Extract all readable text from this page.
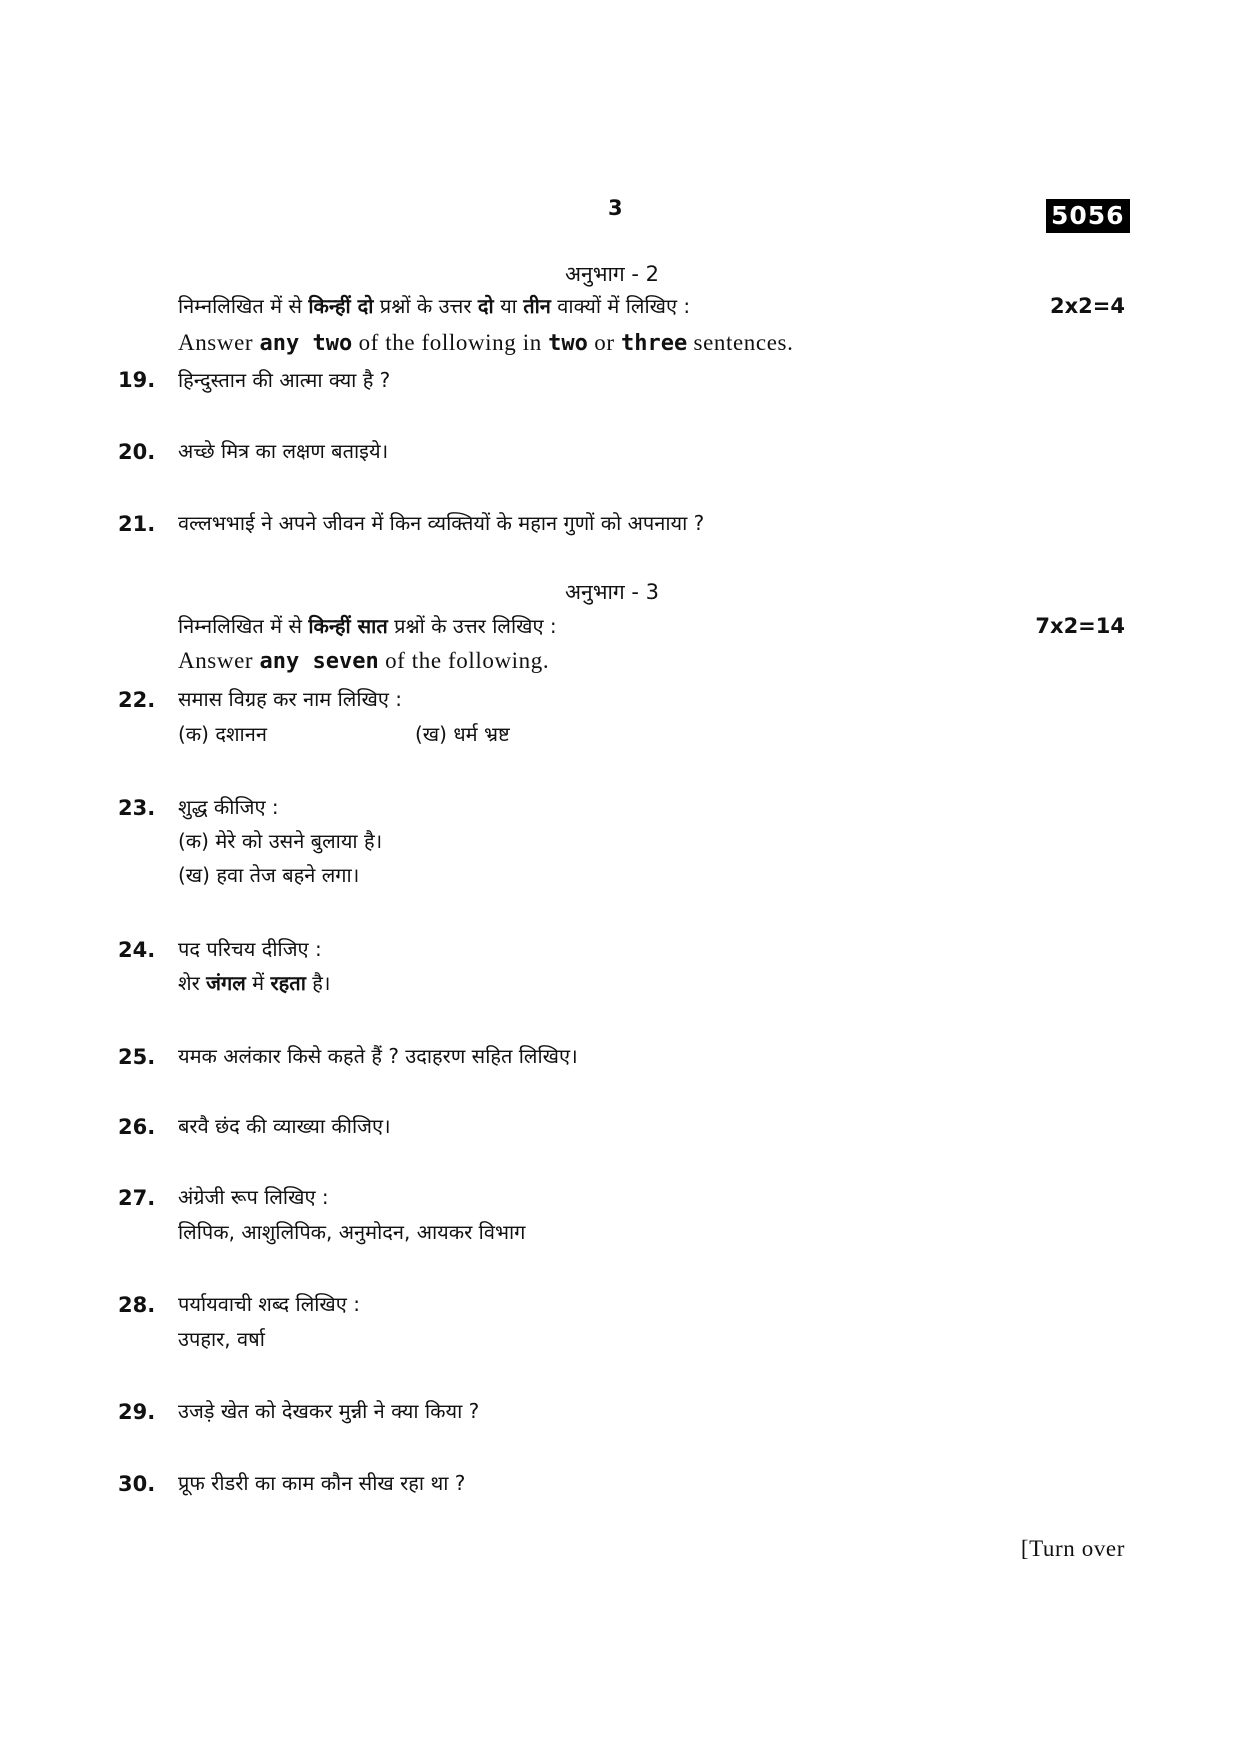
3	5056
अनुभाग - 2
निम्नलिखित में से किन्हीं दो प्रश्नों के उत्तर दो या तीन वाक्यों में लिखिए :	2x2=4
Answer any two of the following in two or three sentences.
19. हिन्दुस्तान की आत्मा क्या है ?
20. अच्छे मित्र का लक्षण बताइये।
21. वल्लभभाई ने अपने जीवन में किन व्यक्तियों के महान गुणों को अपनाया ?
अनुभाग - 3
निम्नलिखित में से किन्हीं सात प्रश्नों के उत्तर लिखिए :	7x2=14
Answer any seven of the following.
22. समास विग्रह कर नाम लिखिए :
(क) दशानन	(ख) धर्म भ्रष्ट
23. शुद्ध कीजिए :
(क) मेरे को उसने बुलाया है।
(ख) हवा तेज बहने लगा।
24. पद परिचय दीजिए :
शेर जंगल में रहता है।
25. यमक अलंकार किसे कहते हैं ? उदाहरण सहित लिखिए।
26. बरवै छंद की व्याख्या कीजिए।
27. अंग्रेजी रूप लिखिए :
लिपिक, आशुलिपिक, अनुमोदन, आयकर विभाग
28. पर्यायवाची शब्द लिखिए :
उपहार, वर्षा
29. उजड़े खेत को देखकर मुन्नी ने क्या किया ?
30. प्रूफ रीडरी का काम कौन सीख रहा था ?
[Turn over
